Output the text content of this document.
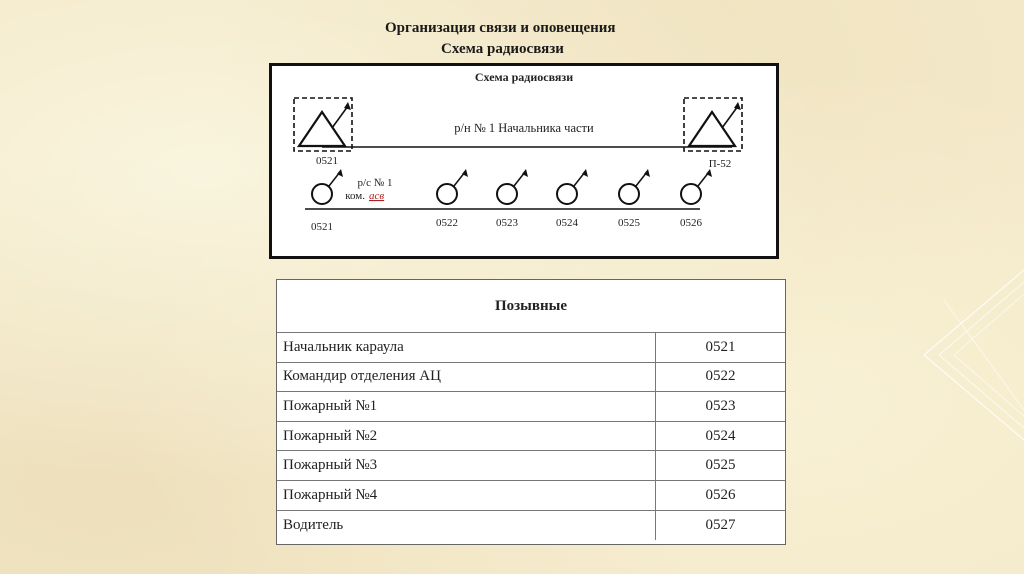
Организация связи и оповещения
Схема радиосвязи
Схема радиосвязи
р/н № 1 Начальника части
0521	П-52
р/с № 1
ком. асв
0521	0522	0523	0524	0525	0526
Позывные
Начальник караула	0521
Командир отделения АЦ	0522
Пожарный №1	0523
Пожарный №2	0524
Пожарный №3	0525
Пожарный №4	0526
Водитель	0527
